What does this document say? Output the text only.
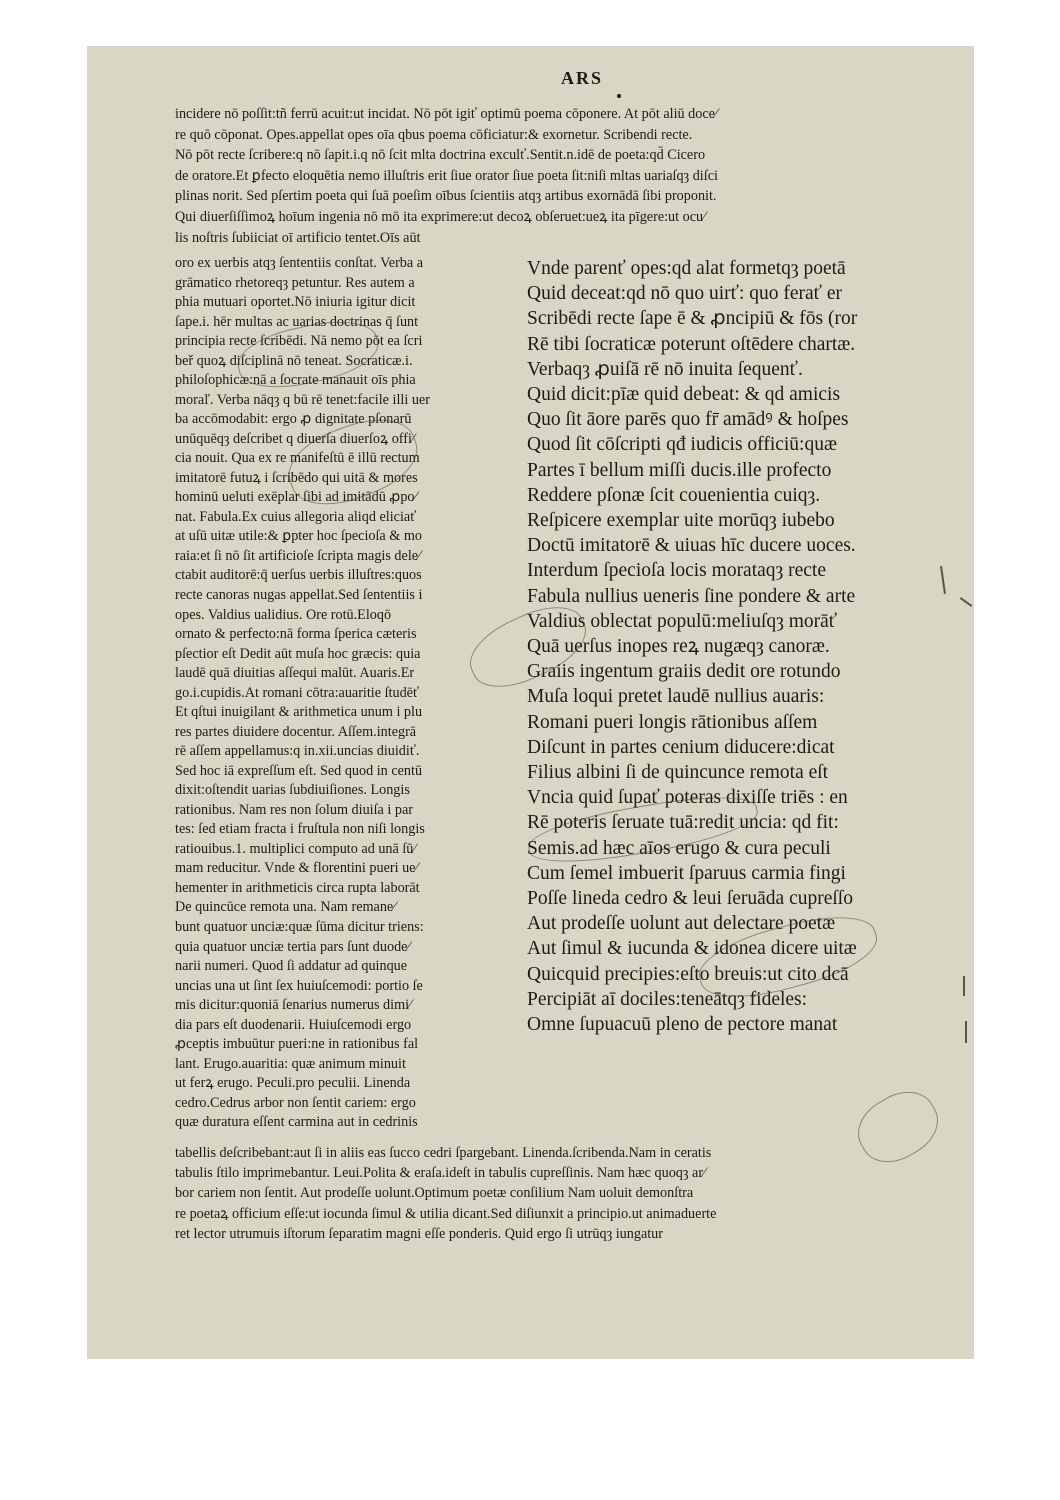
ARS
incidere nō poſſit:tñ ferrū acuit:ut incidat. Nō pōt igiť optimū poema cōponere. At pōt aliū doce⁄
re quō cōponat. Opes.appellat opes oīa qbus poema cōficiatur:& exornetur. Scribendi recte.
Nō pōt recte ſcribere:q nō ſapit.i.q nō ſcit mlta doctrina exculť.Sentit.n.idē de poeta:qd̄ Cicero
de oratore.Et ꝑfecto eloquētia nemo illuſtris erit ſiue orator ſiue poeta ſit:niſi mltas uariaſqȝ diſci
plinas norit. Sed pſertim poeta qui ſuā poeſim oībus ſcientiis atqȝ artibus exornādā ſibi proponit.
Qui diuerſiſſimoꝝ hoīum ingenia nō mō ita exprimere:ut decoꝝ obſeruet:ueꝝ ita pīgere:ut ocu⁄
lis noſtris ſubiiciat oī artificio tentet.Oīs aūt
oro ex uerbis atqȝ ſententiis conſtat. Verba a
grāmatico rhetoreqȝ petuntur. Res autem a
phia mutuari oportet.Nō iniuria igitur dicit
ſape.i. hēr multas ac uarias doctrinas q̄ ſunt
principia recte ſcribēdi. Nā nemo pōt ea ſcri
beř quoꝝ diſciplinā nō teneat. Socraticæ.i.
philoſophicæ:nā a ſocrate manauit oīs phia
moraľ. Verba nāqȝ q bū rē tenet:facile illi uer
ba accōmodabit: ergo ꝓ dignitate pſonarū
unūquēqȝ deſcribet q diuerſa diuerſoꝝ offi⁄
cia nouit. Qua ex re manifeſtū ē illū rectum
imitatorē futuꝝ i ſcribēdo qui uitā & mores
hominū ueluti exēplar ſibi ad imitādū ꝓpo⁄
nat. Fabula.Ex cuius allegoria aliqd eliciať
at uſū uitæ utile:& ꝑpter hoc ſpecioſa & mo
raia:et ſi nō ſit artificioſe ſcripta magis dele⁄
ctabit auditorē:q̄ uerſus uerbis illuſtres:quos
recte canoras nugas appellat.Sed ſententiis i
opes. Valdius ualidius. Ore rotū.Eloqō
ornato & perfecto:nā forma ſperica cæteris
pſectior eſt Dedit aūt muſa hoc græcis: quia
laudē quā diuitias aſſequi malūt. Auaris.Er
go.i.cupidis.At romani cōtra:auaritie ſtudēť
Et qſtui inuigilant & arithmetica unum i plu
res partes diuidere docentur. Aſſem.integrā
rē aſſem appellamus:q in.xii.uncias diuidiť.
Sed hoc iā expreſſum eſt. Sed quod in centū
dixit:oſtendit uarias ſubdiuiſiones. Longis
rationibus. Nam res non ſolum diuiſa i par
tes: ſed etiam fracta i fruſtula non niſi longis
ratiouibus.1. multiplici computo ad unā ſū⁄
mam reducitur. Vnde & florentini pueri ue⁄
hementer in arithmeticis circa rupta laborāt
De quincūce remota una. Nam remane⁄
bunt quatuor unciæ:quæ ſūma dicitur triens:
quia quatuor unciæ tertia pars ſunt duode⁄
narii numeri. Quod ſi addatur ad quinque
uncias una ut ſint ſex huiuſcemodi: portio ſe
mis dicitur:quoniā ſenarius numerus dimi⁄
dia pars eſt duodenarii. Huiuſcemodi ergo
ꝓceptis imbuūtur pueri:ne in rationibus fal
lant. Erugo.auaritia: quæ animum minuit
ut ferꝝ erugo. Peculi.pro peculii. Linenda
cedro.Cedrus arbor non ſentit cariem: ergo
quæ duratura eſſent carmina aut in cedrinis
Vnde parenť opes:qd alat formetqȝ poetā
Quid deceat:qd nō quo uirť: quo ferať er
Scribēdi recte ſape ē & ꝓncipiū & fōs (ror
Rē tibi ſocraticæ poterunt oſtēdere chartæ.
Verbaqȝ ꝓuiſā rē nō inuita ſequenť.
Quid dicit:pīæ quid debeat: & qd amicis
Quo ſit āore parēs quo fr̄ amādꝰ & hoſpes
Quod ſit cōſcripti qđ iudicis officiū:quæ
Partes ī bellum miſſi ducis.ille profecto
Reddere pſonæ ſcit couenientia cuiqȝ.
Reſpicere exemplar uite morūqȝ iubebo
Doctū imitatorē & uiuas hīc ducere uoces.
Interdum ſpecioſa locis morataqȝ recte
Fabula nullius ueneris ſine pondere & arte
Valdius oblectat populū:meliuſqȝ morāť
Quā uerſus inopes reꝝ nugæqȝ canoræ.
Graiis ingentum graiis dedit ore rotundo
Muſa loqui pretet laudē nullius auaris:
Romani pueri longis rātionibus aſſem
Diſcunt in partes cenium diducere:dicat
Filius albini ſi de quincunce remota eſt
Vncia quid ſupať poteras dixiſſe triēs : en
Rē poteris ſeruate tuā:redit uncia: qd fit:
Semis.ad hæc aīos erugo & cura peculi
Cum ſemel imbuerit ſparuus carmia fingi
Poſſe lineda cedro & leui ſeruāda cupreſſo
Aut prodeſſe uolunt aut delectare poetæ
Aut ſimul & iucunda & idonea dicere uitæ
Quicquid precipies:eſto breuis:ut cito dcā
Percipiāt aī dociles:teneātqȝ fideles:
Omne ſupuacuū pleno de pectore manat
tabellis deſcribebant:aut ſi in aliis eas ſucco cedri ſpargebant. Linenda.ſcribenda.Nam in ceratis
tabulis ſtilo imprimebantur. Leui.Polita & eraſa.ideſt in tabulis cupreſſinis. Nam hæc quoqȝ ar⁄
bor cariem non ſentit. Aut prodeſſe uolunt.Optimum poetæ conſilium Nam uoluit demonſtra
re poetaꝝ officium eſſe:ut iocunda ſimul & utilia dicant.Sed diſiunxit a principio.ut animaduerte
ret lector utrumuis iſtorum ſeparatim magni eſſe ponderis. Quid ergo ſi utrūqȝ iungatur
